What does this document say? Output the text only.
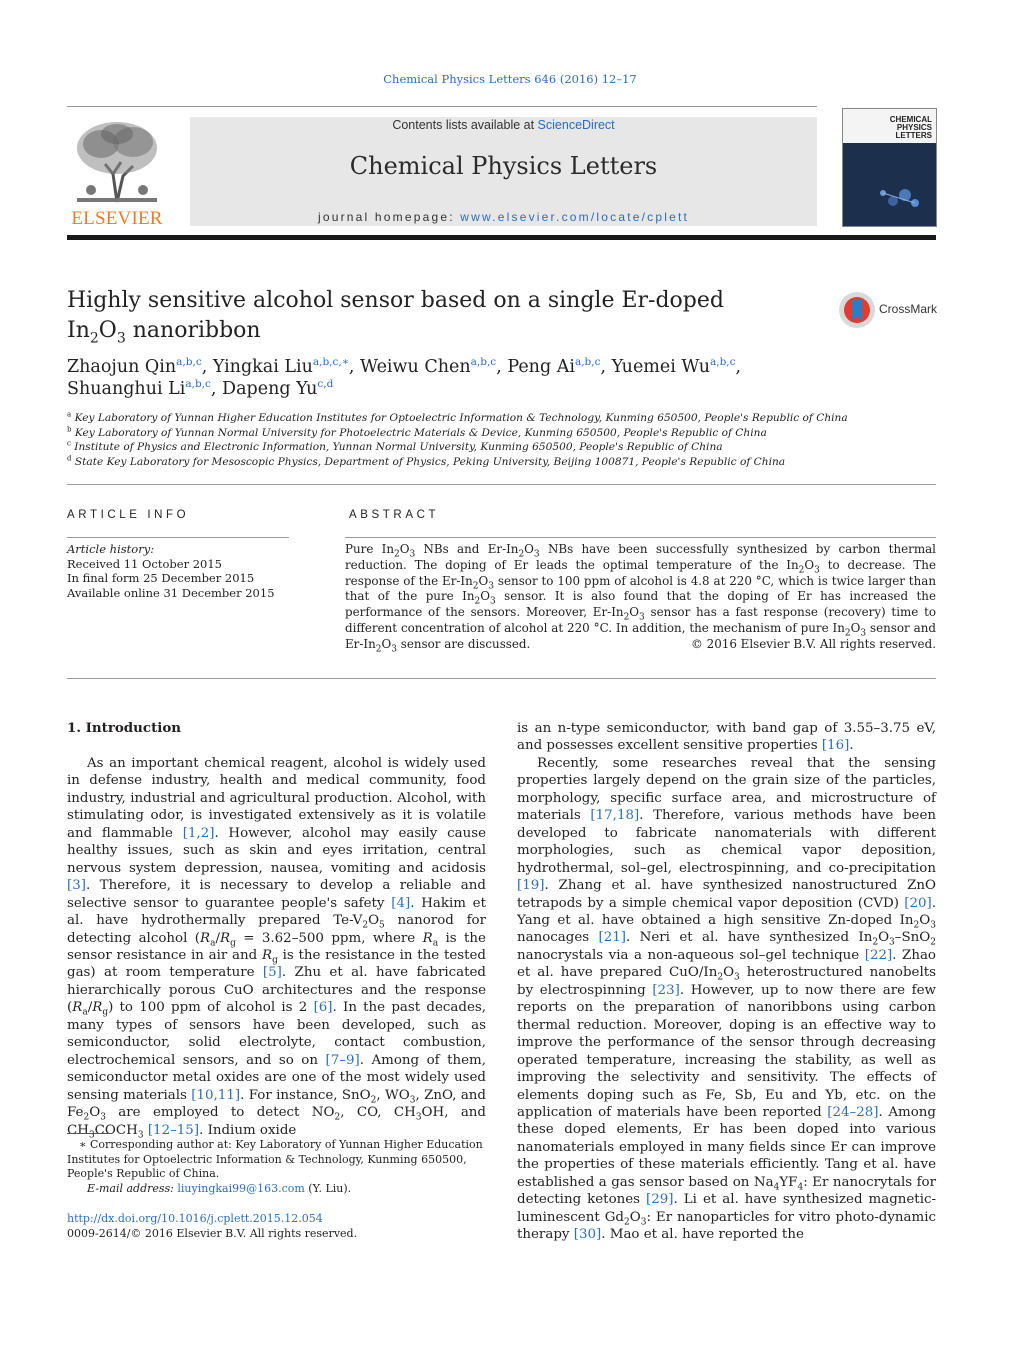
Chemical Physics Letters 646 (2016) 12–17
ELSEVIER
Contents lists available at ScienceDirect
Chemical Physics Letters
journal homepage: www.elsevier.com/locate/cplett
CHEMICAL
PHYSICS
LETTERS
Highly sensitive alcohol sensor based on a single Er-doped
$In_2O_3$ nanoribbon
CrossMark
Zhaojun Qin$^{a,b,c}$, Yingkai Liu$^{a,b,c,∗}$, Weiwu Chen$^{a,b,c}$, Peng Ai$^{a,b,c}$, Yuemei Wu$^{a,b,c}$,
Shuanghui Li$^{a,b,c}$, Dapeng Yu$^{c,d}$
$^a$ Key Laboratory of Yunnan Higher Education Institutes for Optoelectric Information & Technology, Kunming 650500, People's Republic of China
$^b$ Key Laboratory of Yunnan Normal University for Photoelectric Materials & Device, Kunming 650500, People's Republic of China
$^c$ Institute of Physics and Electronic Information, Yunnan Normal University, Kunming 650500, People's Republic of China
$^d$ State Key Laboratory for Mesoscopic Physics, Department of Physics, Peking University, Beijing 100871, People's Republic of China
ARTICLE INFO
Article history:
Received 11 October 2015
In final form 25 December 2015
Available online 31 December 2015
ABSTRACT
Pure $In_2O_3$ NBs and $Er-In_2O_3$ NBs have been successfully synthesized by carbon thermal reduction. The doping of Er leads the optimal temperature of the $In_2O_3$ to decrease. The response of the $Er-In_2O_3$ sensor to 100 ppm of alcohol is 4.8 at 220 °C, which is twice larger than that of the pure $In_2O_3$ sensor. It is also found that the doping of Er has increased the performance of the sensors. Moreover, $Er-In_2O_3$ sensor has a fast response (recovery) time to different concentration of alcohol at 220 °C. In addition, the mechanism of pure $In_2O_3$ sensor and $Er-In_2O_3$ sensor are discussed.	© 2016 Elsevier B.V. All rights reserved.
1. Introduction

As an important chemical reagent, alcohol is widely used in defense industry, health and medical community, food industry, industrial and agricultural production. Alcohol, with stimulating odor, is investigated extensively as it is volatile and flammable [1,2]. However, alcohol may easily cause healthy issues, such as skin and eyes irritation, central nervous system depression, nausea, vomiting and acidosis [3]. Therefore, it is necessary to develop a reliable and selective sensor to guarantee people's safety [4]. Hakim et al. have hydrothermally prepared $Te-V_2O_5$ nanorod for detecting alcohol ($R_a/R_g = 3.62-500$ ppm, where $R_a$ is the sensor resistance in air and $R_g$ is the resistance in the tested gas) at room temperature [5]. Zhu et al. have fabricated hierarchically porous CuO architectures and the response $(R_a/R_g)$ to 100 ppm of alcohol is 2 [6]. In the past decades, many types of sensors have been developed, such as semiconductor, solid electrolyte, contact combustion, electrochemical sensors, and so on [7–9]. Among of them, semiconductor metal oxides are one of the most widely used sensing materials [10,11]. For instance, SnO$_2$, $WO_3$, ZnO, and $Fe_2O_3$ are employed to detect $NO_2$, CO, $CH_3OH$, and $CH_3COCH_3$ [12–15]. Indium oxide

is an n-type semiconductor, with band gap of 3.55–3.75 eV, and possesses excellent sensitive properties [16].

Recently, some researches reveal that the sensing properties largely depend on the grain size of the particles, morphology, specific surface area, and microstructure of materials [17,18]. Therefore, various methods have been developed to fabricate nanomaterials with different morphologies, such as chemical vapor deposition, hydrothermal, sol–gel, electrospinning, and co-precipitation [19]. Zhang et al. have synthesized nanostructured ZnO tetrapods by a simple chemical vapor deposition (CVD) [20]. Yang et al. have obtained a high sensitive Zn-doped $In_2O_3$ nanocages [21]. Neri et al. have synthesized $In_2O_3-SnO_2$ nanocrystals via a non-aqueous sol–gel technique [22]. Zhao et al. have prepared CuO/$In_2O_3$ heterostructured nanobelts by electrospinning [23]. However, up to now there are few reports on the preparation of nanoribbons using carbon thermal reduction. Moreover, doping is an effective way to improve the performance of the sensor through decreasing operated temperature, increasing the stability, as well as improving the selectivity and sensitivity. The effects of elements doping such as Fe, Sb, Eu and Yb, etc. on the application of materials have been reported [24–28]. Among these doped elements, Er has been doped into various nanomaterials employed in many fields since Er can improve the properties of these materials efficiently. Tang et al. have established a gas sensor based on $Na_4YF_4$: Er nanocrytals for detecting ketones [29]. Li et al. have synthesized magnetic-luminescent $Gd_2O_3$: Er nanoparticles for vitro photo-dynamic therapy [30]. Mao et al. have reported the

∗ Corresponding author at: Key Laboratory of Yunnan Higher Education Institutes for Optoelectric Information & Technology, Kunming 650500, People's Republic of China.
E-mail address: liuyingkai99@163.com (Y. Liu).
http://dx.doi.org/10.1016/j.cplett.2015.12.054
0009-2614/© 2016 Elsevier B.V. All rights reserved.
